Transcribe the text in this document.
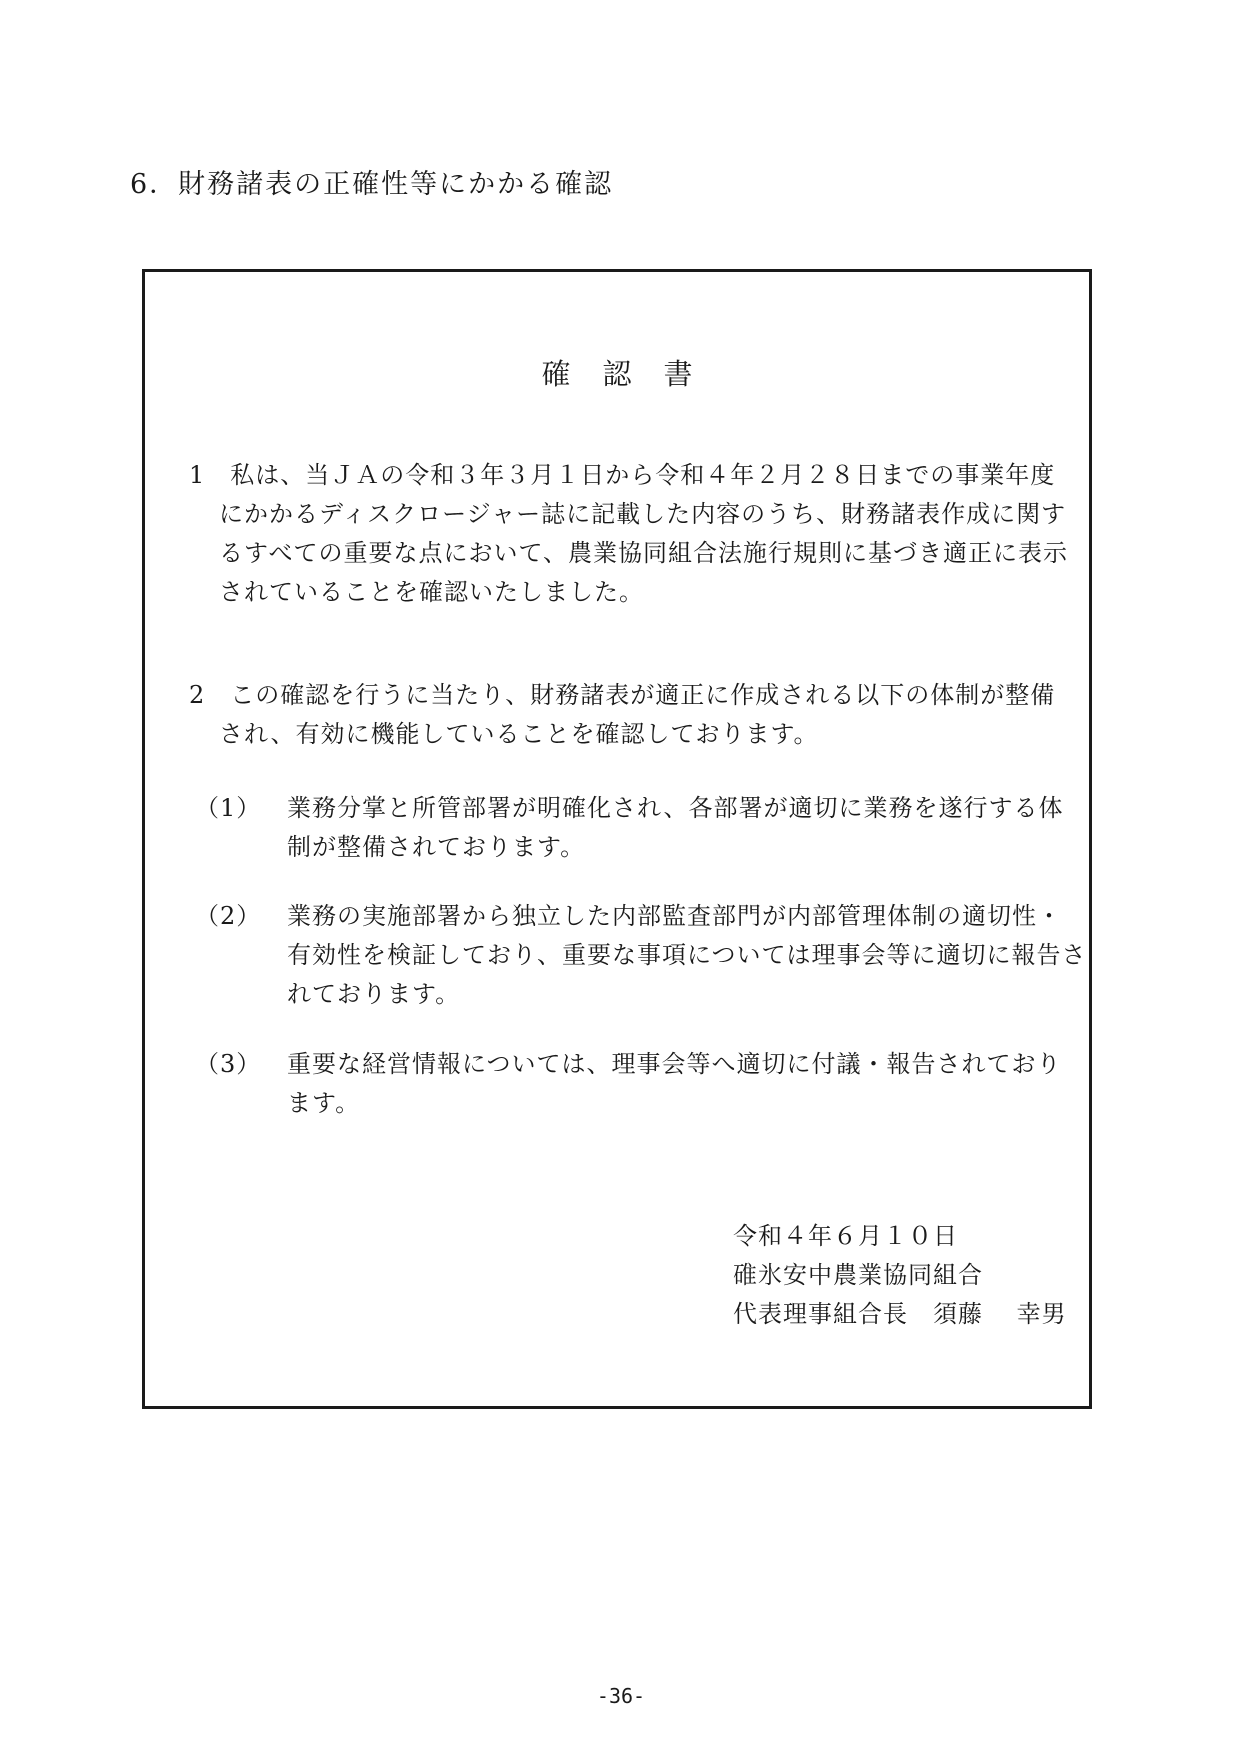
6．財務諸表の正確性等にかかる確認
確認書
1　 私は、当ＪＡの令和３年３月１日から令和４年２月２８日までの事業年度
にかかるディスクロージャー誌に記載した内容のうち、財務諸表作成に関す
るすべての重要な点において、農業協同組合法施行規則に基づき適正に表示
されていることを確認いたしました。
2　 この確認を行うに当たり、財務諸表が適正に作成される以下の体制が整備
され、有効に機能していることを確認しております。
（1） 業務分掌と所管部署が明確化され、各部署が適切に業務を遂行する体
制が整備されております。
（2） 業務の実施部署から独立した内部監査部門が内部管理体制の適切性・
有効性を検証しており、重要な事項については理事会等に適切に報告さ
れております。
（3） 重要な経営情報については、理事会等へ適切に付議・報告されており
ます。
令和４年６月１０日
碓氷安中農業協同組合
代表理事組合長　須藤　 幸男
-36-
